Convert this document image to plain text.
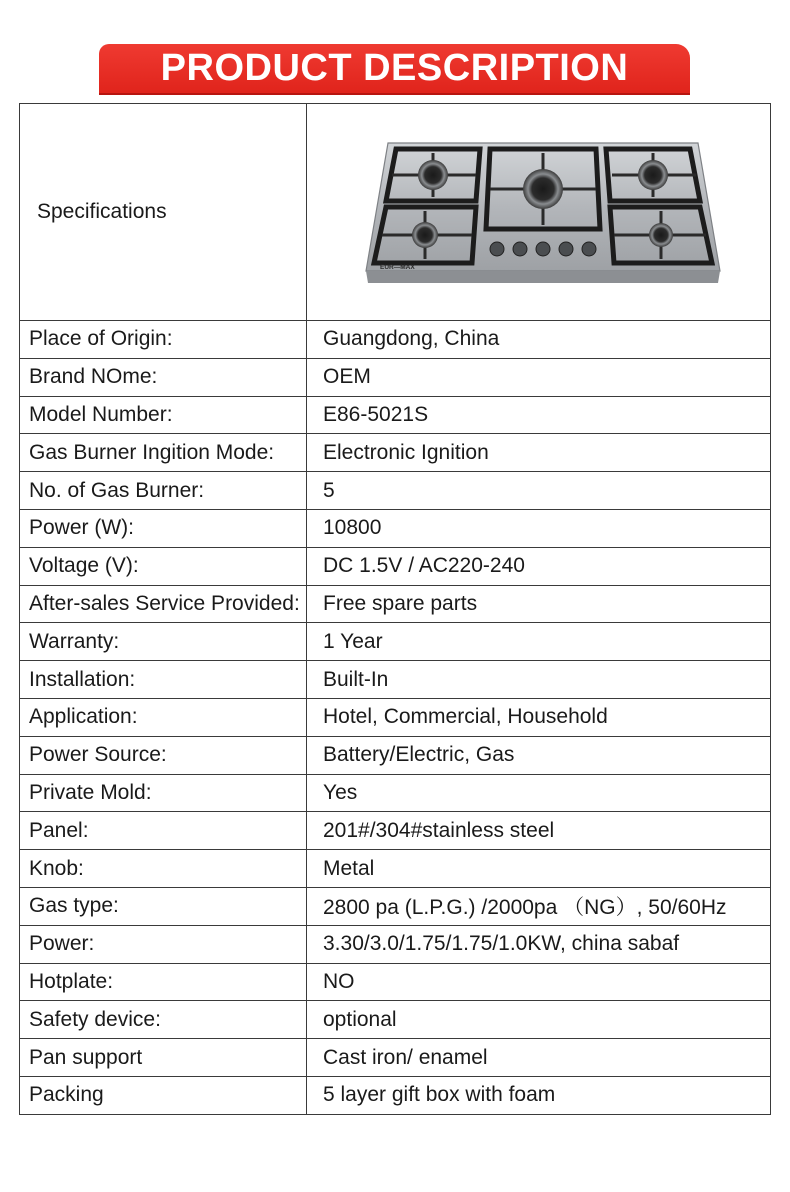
PRODUCT DESCRIPTION
Specifications	EUR—MAX

Place of Origin:	Guangdong, China
Brand NOme:	OEM
Model Number:	E86-5021S
Gas Burner Ingition Mode:	Electronic Ignition
No. of Gas Burner:	5
Power (W):	10800
Voltage (V):	DC 1.5V / AC220-240
After-sales Service Provided:	Free spare parts
Warranty:	1 Year
Installation:	Built-In
Application:	Hotel, Commercial, Household
Power Source:	Battery/Electric, Gas
Private Mold:	Yes
Panel:	201#/304#stainless steel
Knob:	Metal
Gas type:	2800 pa (L.P.G.) /2000pa （NG）, 50/60Hz
Power:	3.30/3.0/1.75/1.75/1.0KW, china sabaf
Hotplate:	NO
Safety device:	optional
Pan support	Cast iron/ enamel
Packing	5 layer gift box with foam
